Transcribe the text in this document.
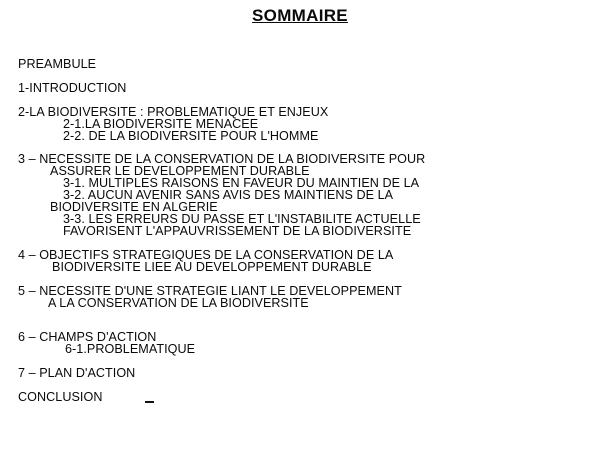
SOMMAIRE
PREAMBULE
1-INTRODUCTION
2-LA BIODIVERSITE : PROBLEMATIQUE ET ENJEUX
2-1.LA BIODIVERSITE MENACEE
2-2. DE LA BIODIVERSITE POUR L'HOMME
3 – NECESSITE DE LA CONSERVATION DE LA BIODIVERSITE POUR
ASSURER LE DEVELOPPEMENT DURABLE
3-1. MULTIPLES RAISONS EN FAVEUR DU MAINTIEN DE LA
3-2. AUCUN AVENIR SANS AVIS DES MAINTIENS DE LA
BIODIVERSITE EN ALGERIE
3-3. LES ERREURS DU PASSE ET L'INSTABILITE ACTUELLE
FAVORISENT L'APPAUVRISSEMENT DE LA BIODIVERSITE
4 – OBJECTIFS STRATEGIQUES DE LA CONSERVATION DE LA
BIODIVERSITE LIEE AU DEVELOPPEMENT DURABLE
5 – NECESSITE D'UNE STRATEGIE LIANT LE DEVELOPPEMENT
A LA CONSERVATION DE LA BIODIVERSITE
6 – CHAMPS D'ACTION
6-1.PROBLEMATIQUE
7 – PLAN D'ACTION
CONCLUSION
